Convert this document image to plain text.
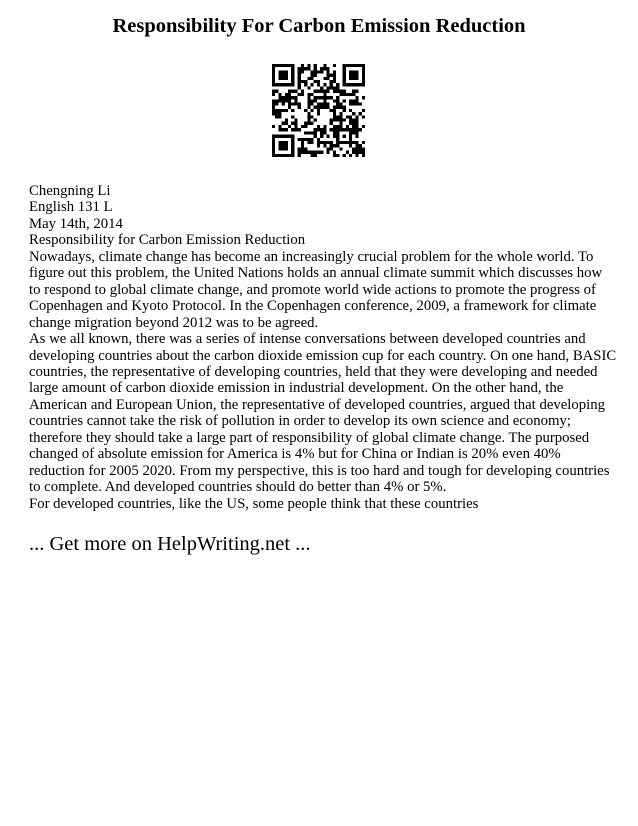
Responsibility For Carbon Emission Reduction

Chengning Li

English 131 L

May 14th, 2014

Responsibility for Carbon Emission Reduction

Nowadays, climate change has become an increasingly crucial problem for the whole world. To figure out this problem, the United Nations holds an annual climate summit which discusses how to respond to global climate change, and promote world wide actions to promote the progress of Copenhagen and Kyoto Protocol. In the Copenhagen conference, 2009, a framework for climate change migration beyond 2012 was to be agreed.

As we all known, there was a series of intense conversations between developed countries and developing countries about the carbon dioxide emission cup for each country. On one hand, BASIC countries, the representative of developing countries, held that they were developing and needed large amount of carbon dioxide emission in industrial development. On the other hand, the American and European Union, the representative of developed countries, argued that developing countries cannot take the risk of pollution in order to develop its own science and economy; therefore they should take a large part of responsibility of global climate change. The purposed changed of absolute emission for America is 4% but for China or Indian is 20% even 40% reduction for 2005 2020. From my perspective, this is too hard and tough for developing countries to complete. And developed countries should do better than 4% or 5%.

For developed countries, like the US, some people think that these countries

... Get more on HelpWriting.net ...
